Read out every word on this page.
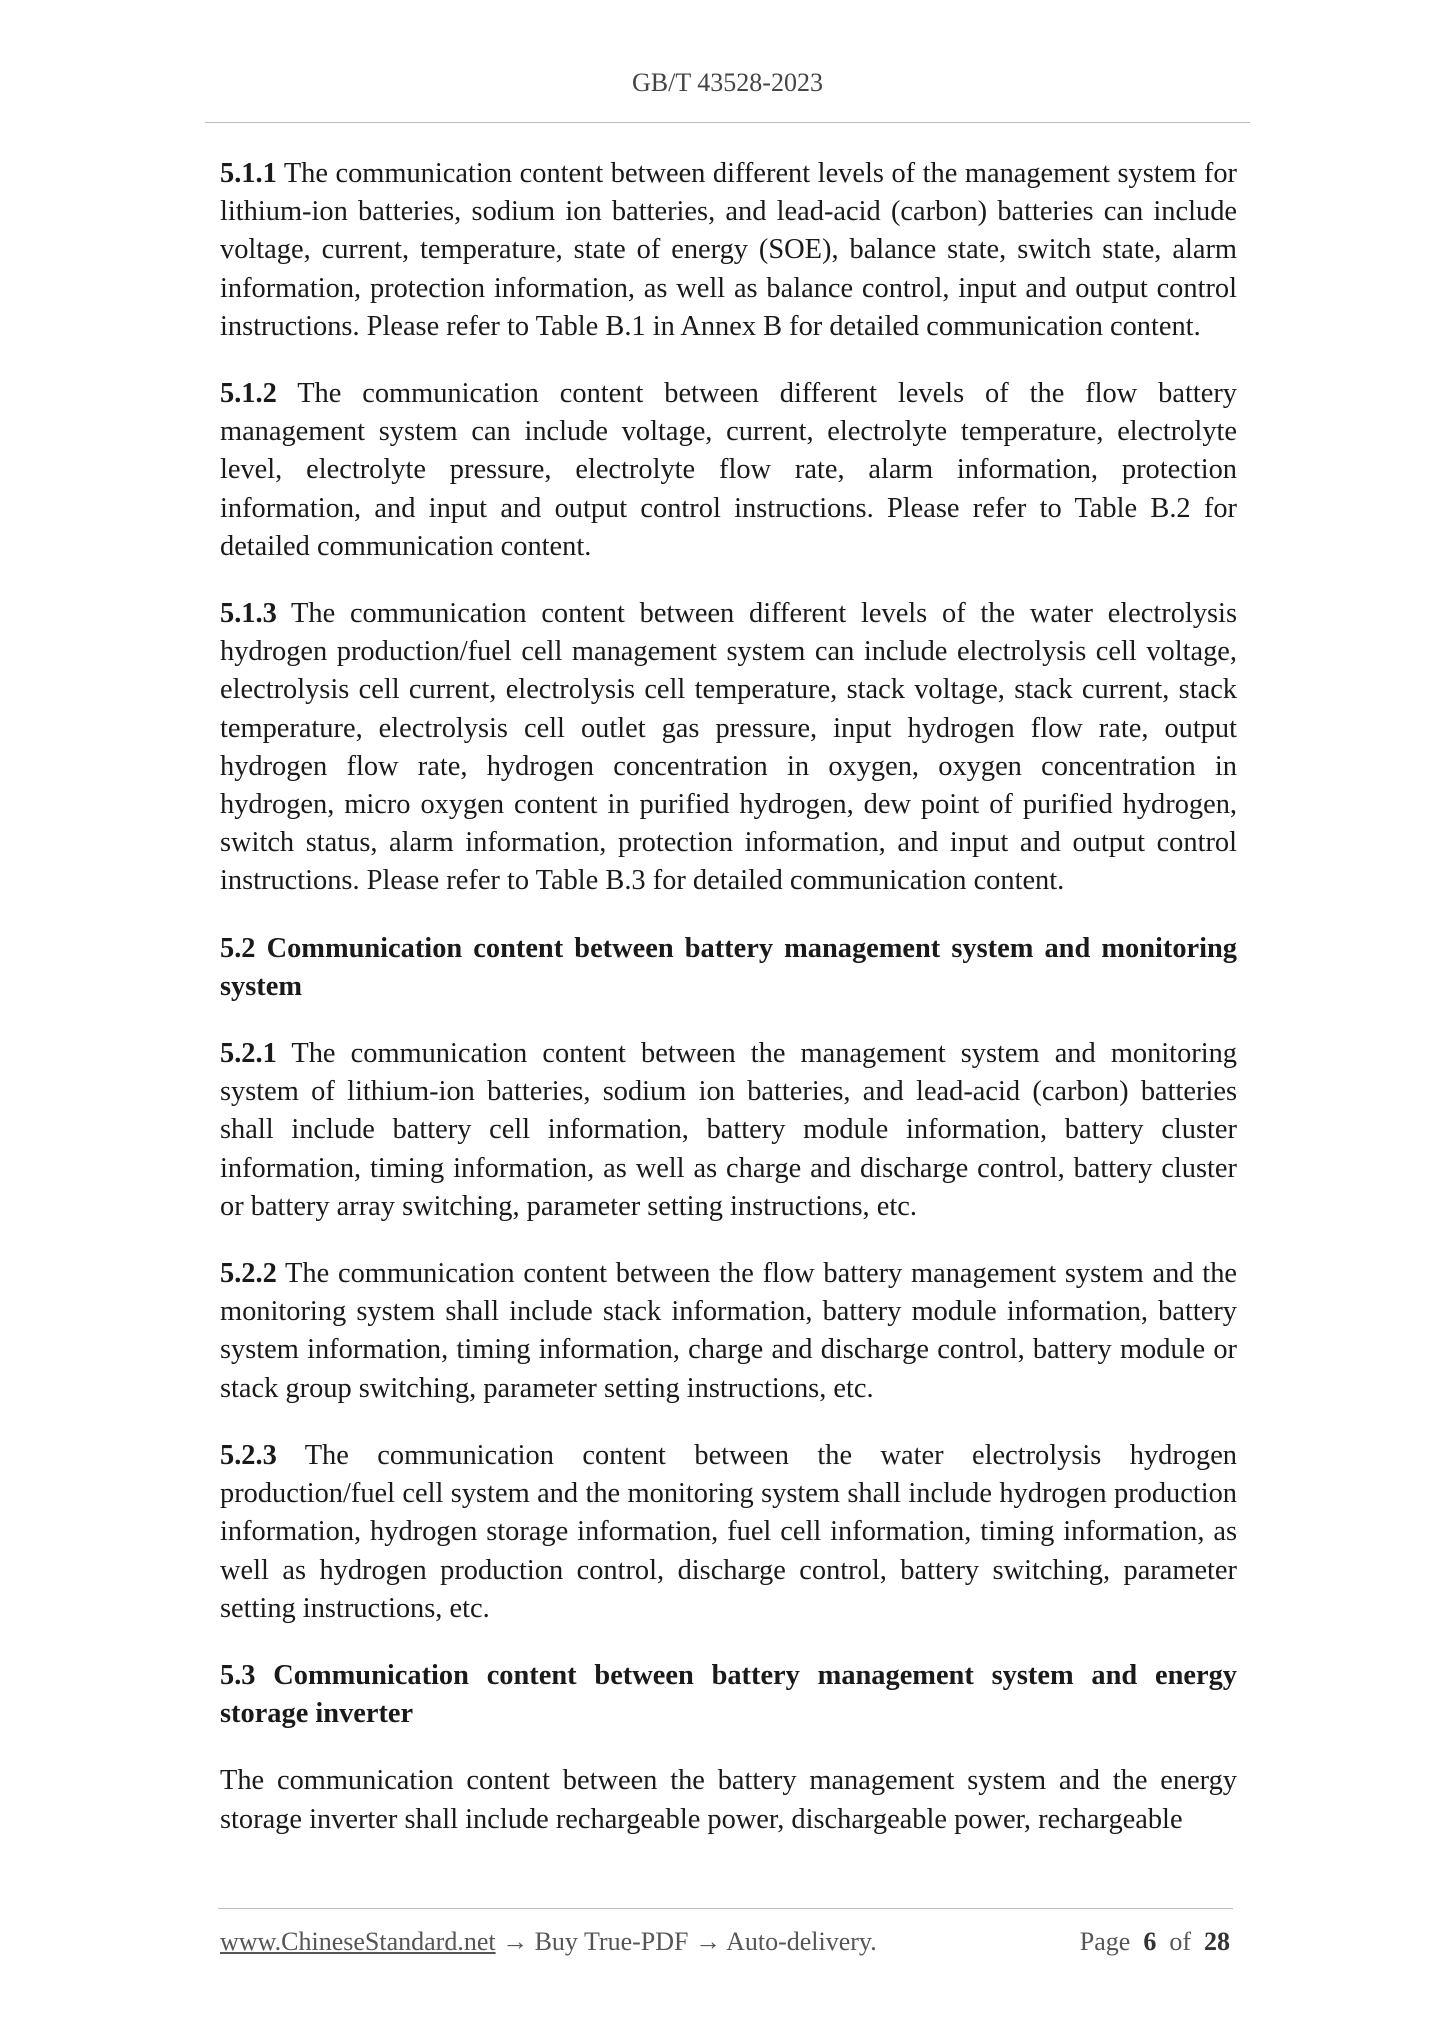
GB/T 43528-2023

5.1.1 The communication content between different levels of the management system for lithium-ion batteries, sodium ion batteries, and lead-acid (carbon) batteries can include voltage, current, temperature, state of energy (SOE), balance state, switch state, alarm information, protection information, as well as balance control, input and output control instructions. Please refer to Table B.1 in Annex B for detailed communication content.

5.1.2 The communication content between different levels of the flow battery management system can include voltage, current, electrolyte temperature, electrolyte level, electrolyte pressure, electrolyte flow rate, alarm information, protection information, and input and output control instructions. Please refer to Table B.2 for detailed communication content.

5.1.3 The communication content between different levels of the water electrolysis hydrogen production/fuel cell management system can include electrolysis cell voltage, electrolysis cell current, electrolysis cell temperature, stack voltage, stack current, stack temperature, electrolysis cell outlet gas pressure, input hydrogen flow rate, output hydrogen flow rate, hydrogen concentration in oxygen, oxygen concentration in hydrogen, micro oxygen content in purified hydrogen, dew point of purified hydrogen, switch status, alarm information, protection information, and input and output control instructions. Please refer to Table B.3 for detailed communication content.

5.2 Communication content between battery management system and monitoring system

5.2.1 The communication content between the management system and monitoring system of lithium-ion batteries, sodium ion batteries, and lead-acid (carbon) batteries shall include battery cell information, battery module information, battery cluster information, timing information, as well as charge and discharge control, battery cluster or battery array switching, parameter setting instructions, etc.

5.2.2 The communication content between the flow battery management system and the monitoring system shall include stack information, battery module information, battery system information, timing information, charge and discharge control, battery module or stack group switching, parameter setting instructions, etc.

5.2.3 The communication content between the water electrolysis hydrogen production/fuel cell system and the monitoring system shall include hydrogen production information, hydrogen storage information, fuel cell information, timing information, as well as hydrogen production control, discharge control, battery switching, parameter setting instructions, etc.

5.3 Communication content between battery management system and energy storage inverter

The communication content between the battery management system and the energy storage inverter shall include rechargeable power, dischargeable power, rechargeable

www.ChineseStandard.net → Buy True-PDF → Auto-delivery.	Page 6 of 28
